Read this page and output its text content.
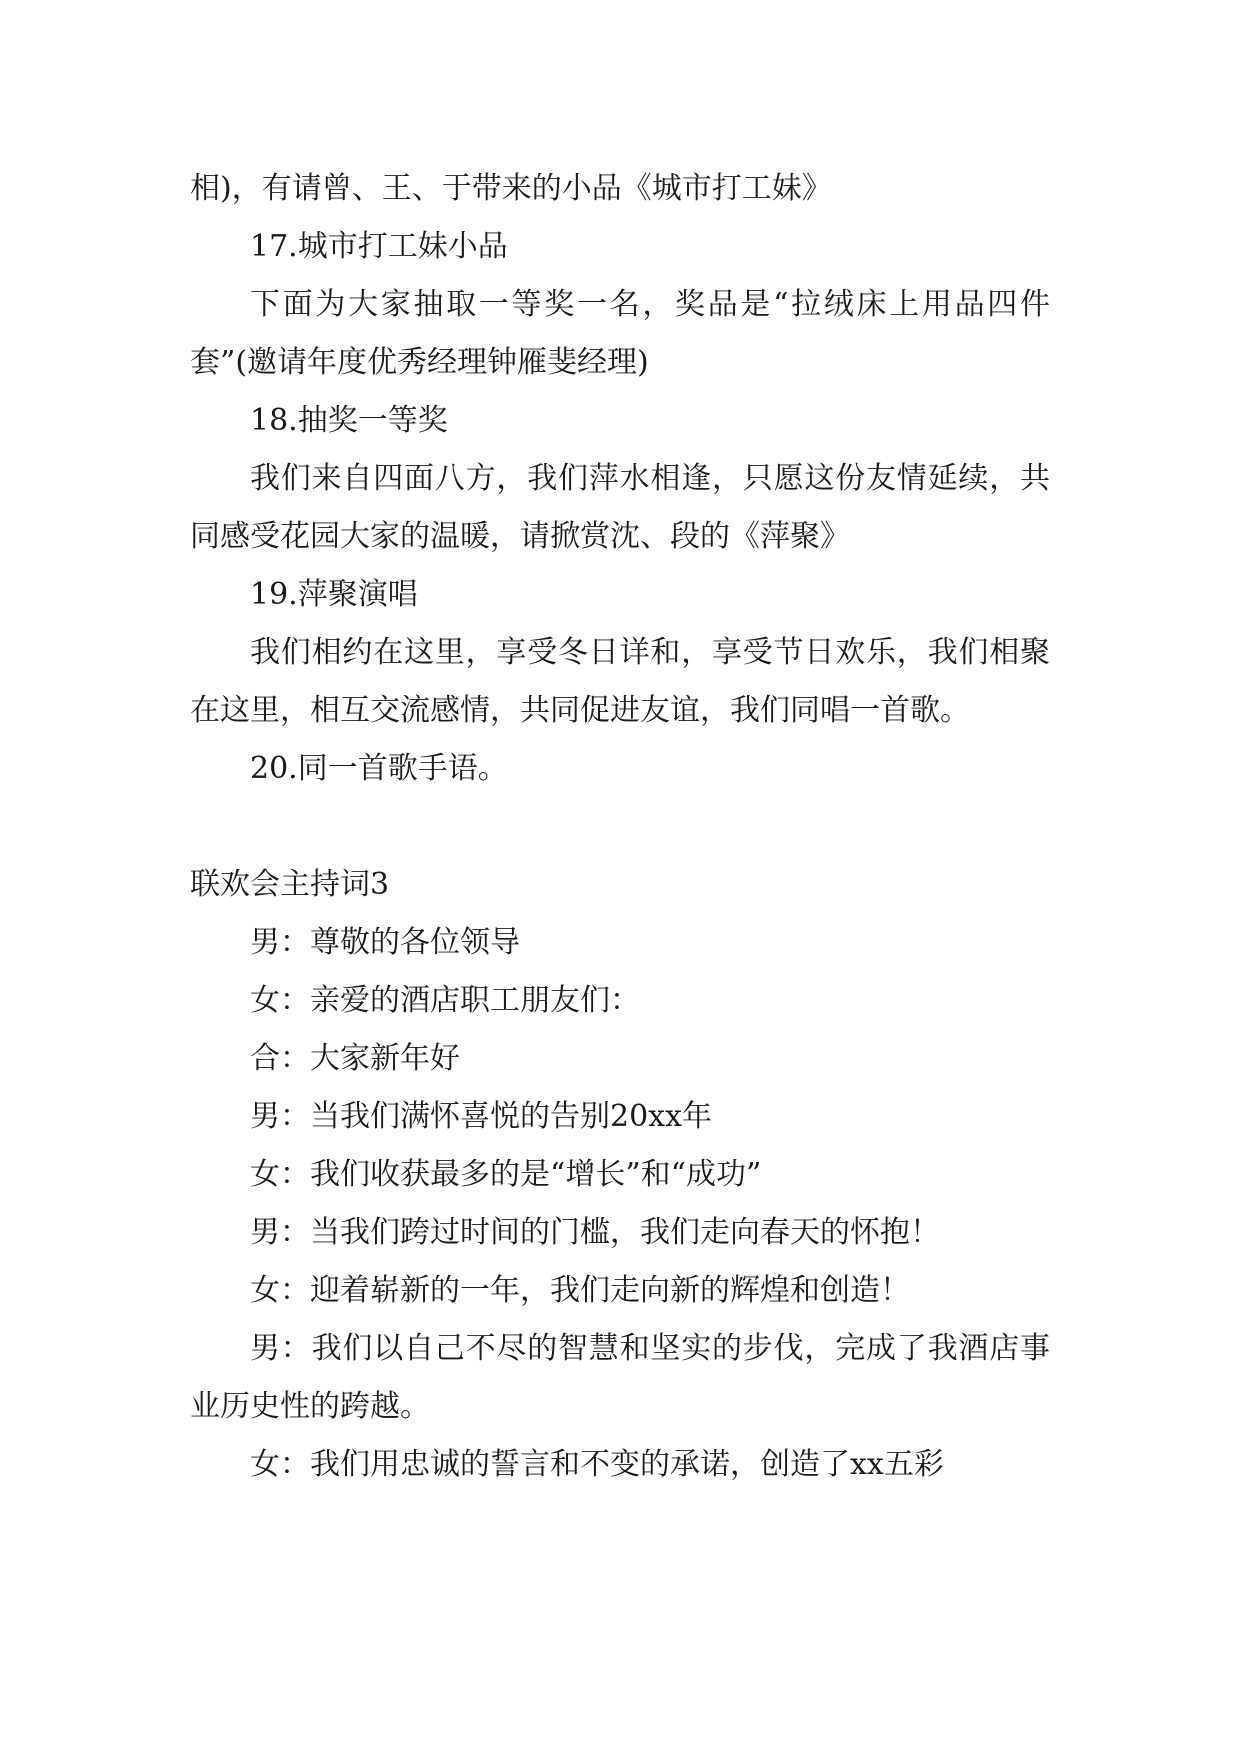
相)，有请曾、王、于带来的小品《城市打工妹》

17.城市打工妹小品

下面为大家抽取一等奖一名，奖品是“拉绒床上用品四件套”(邀请年度优秀经理钟雁斐经理)

18.抽奖一等奖

我们来自四面八方，我们萍水相逢，只愿这份友情延续，共同感受花园大家的温暖，请掀赏沈、段的《萍聚》

19.萍聚演唱

我们相约在这里，享受冬日详和，享受节日欢乐，我们相聚在这里，相互交流感情，共同促进友谊，我们同唱一首歌。

20.同一首歌手语。

联欢会主持词3

男：尊敬的各位领导

女：亲爱的酒店职工朋友们：

合：大家新年好

男：当我们满怀喜悦的告别20xx年

女：我们收获最多的是“增长”和“成功”

男：当我们跨过时间的门槛，我们走向春天的怀抱！

女：迎着崭新的一年，我们走向新的辉煌和创造！

男：我们以自己不尽的智慧和坚实的步伐，完成了我酒店事业历史性的跨越。

女：我们用忠诚的誓言和不变的承诺，创造了xx五彩
